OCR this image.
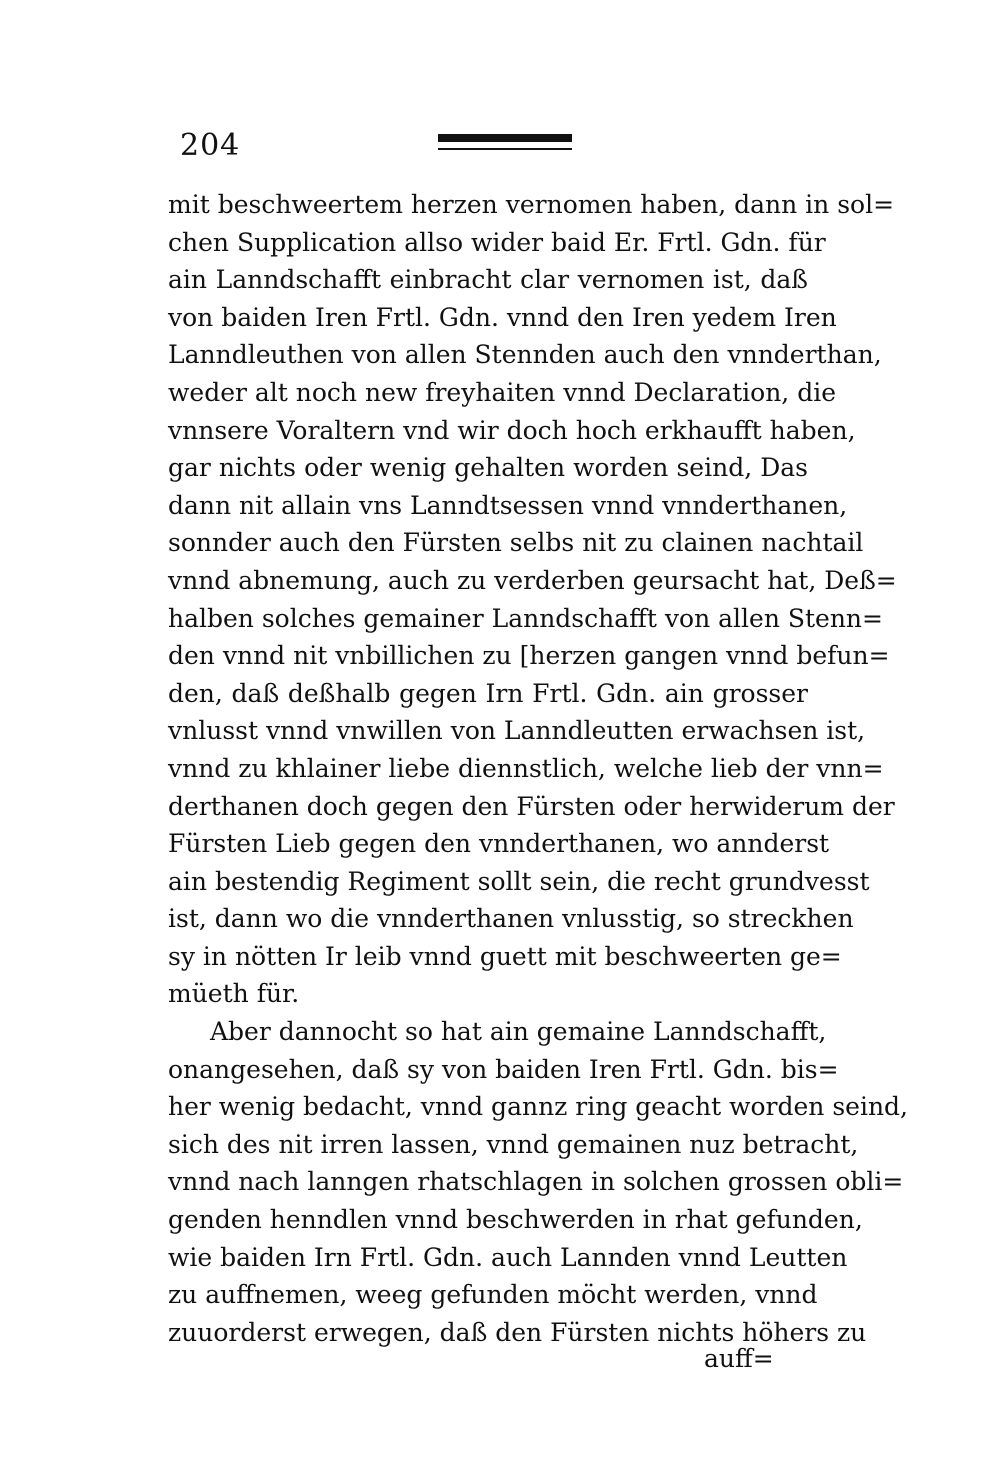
204
mit beschweertem herzen vernomen haben, dann in sol=
chen Supplication allso wider baid Er. Frtl. Gdn. für
ain Lanndschafft einbracht clar vernomen ist, daß
von baiden Iren Frtl. Gdn. vnnd den Iren yedem Iren
Lanndleuthen von allen Stennden auch den vnnderthan,
weder alt noch new freyhaiten vnnd Declaration, die
vnnsere Voraltern vnd wir doch hoch erkhaufft haben,
gar nichts oder wenig gehalten worden seind, Das
dann nit allain vns Lanndtsessen vnnd vnnderthanen,
sonnder auch den Fürsten selbs nit zu clainen nachtail
vnnd abnemung, auch zu verderben geursacht hat, Deß=
halben solches gemainer Lanndschafft von allen Stenn=
den vnnd nit vnbillichen zu [herzen gangen vnnd befun=
den, daß deßhalb gegen Irn Frtl. Gdn. ain grosser
vnlusst vnnd vnwillen von Lanndleutten erwachsen ist,
vnnd zu khlainer liebe diennstlich, welche lieb der vnn=
derthanen doch gegen den Fürsten oder herwiderum der
Fürsten Lieb gegen den vnnderthanen, wo annderst
ain bestendig Regiment sollt sein, die recht grundvesst
ist, dann wo die vnnderthanen vnlusstig, so streckhen
sy in nötten Ir leib vnnd guett mit beschweerten ge=
müeth für.
Aber dannocht so hat ain gemaine Lanndschafft,
onangesehen, daß sy von baiden Iren Frtl. Gdn. bis=
her wenig bedacht, vnnd gannz ring geacht worden seind,
sich des nit irren lassen, vnnd gemainen nuz betracht,
vnnd nach lanngen rhatschlagen in solchen grossen obli=
genden henndlen vnnd beschwerden in rhat gefunden,
wie baiden Irn Frtl. Gdn. auch Lannden vnnd Leutten
zu auffnemen, weeg gefunden möcht werden, vnnd
zuuorderst erwegen, daß den Fürsten nichts höhers zu
auff=
